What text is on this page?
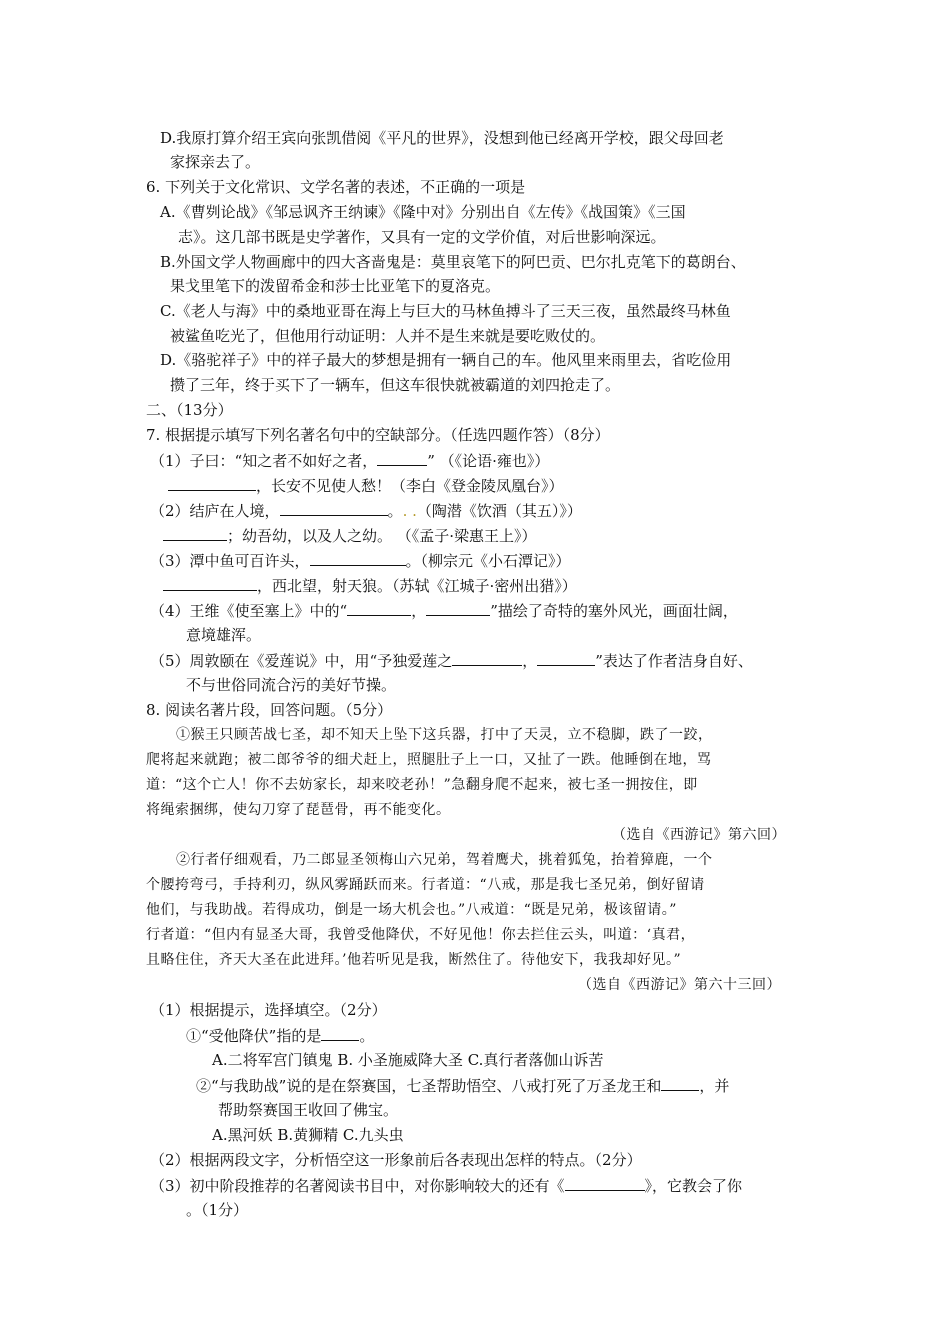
D.我原打算介绍王宾向张凯借阅《平凡的世界》，没想到他已经离开学校，跟父母回老
家探亲去了。
6. 下列关于文化常识、文学名著的表述，不正确的一项是
A.《曹刿论战》《邹忌讽齐王纳谏》《隆中对》分别出自《左传》《战国策》《三国
志》。这几部书既是史学著作，又具有一定的文学价值，对后世影响深远。
B.外国文学人物画廊中的四大吝啬鬼是：莫里哀笔下的阿巴贡、巴尔扎克笔下的葛朗台、
果戈里笔下的泼留希金和莎士比亚笔下的夏洛克。
C.《老人与海》中的桑地亚哥在海上与巨大的马林鱼搏斗了三天三夜，虽然最终马林鱼
被鲨鱼吃光了，但他用行动证明：人并不是生来就是要吃败仗的。
D.《骆驼祥子》中的祥子最大的梦想是拥有一辆自己的车。他风里来雨里去，省吃俭用
攒了三年，终于买下了一辆车，但这车很快就被霸道的刘四抢走了。
二、（13分）
7. 根据提示填写下列名著名句中的空缺部分。（任选四题作答）（8分）
（1）子曰：“知之者不如好之者，	” （《论语·雍也》）
，长安不见使人愁！（李白《登金陵凤凰台》）
（2）结庐在人境，	。. .（陶潜《饮酒（其五）》）
；幼吾幼，以及人之幼。 （《孟子·梁惠王上》）
（3）潭中鱼可百许头，	。（柳宗元《小石潭记》）
，西北望，射天狼。（苏轼《江城子·密州出猎》）
（4）王维《使至塞上》中的“	，	”描绘了奇特的塞外风光，画面壮阔，
意境雄浑。
（5）周敦颐在《爱莲说》中，用“予独爱莲之	，	”表达了作者洁身自好、
不与世俗同流合污的美好节操。
8. 阅读名著片段，回答问题。（5分）
①猴王只顾苦战七圣，却不知天上坠下这兵器，打中了天灵，立不稳脚，跌了一跤，
爬将起来就跑；被二郎爷爷的细犬赶上，照腿肚子上一口，又扯了一跌。他睡倒在地，骂
道：“这个亡人！你不去妨家长，却来咬老孙！”急翻身爬不起来，被七圣一拥按住，即
将绳索捆绑，使勾刀穿了琵琶骨，再不能变化。
（选自《西游记》第六回）
②行者仔细观看，乃二郎显圣领梅山六兄弟，驾着鹰犬，挑着狐兔，抬着獐鹿，一个
个腰挎弯弓，手持利刃，纵风雾踊跃而来。行者道：“八戒，那是我七圣兄弟，倒好留请
他们，与我助战。若得成功，倒是一场大机会也。”八戒道：“既是兄弟，极该留请。”
行者道：“但内有显圣大哥，我曾受他降伏，不好见他！你去拦住云头，叫道：‘真君，
且略住住，齐天大圣在此进拜。’他若听见是我，断然住了。待他安下，我我却好见。”
（选自《西游记》第六十三回）
（1）根据提示，选择填空。（2分）
①“受他降伏”指的是	。
A.二将军宫门镇鬼 B. 小圣施威降大圣 C.真行者落伽山诉苦
②“与我助战”说的是在祭赛国，七圣帮助悟空、八戒打死了万圣龙王和	，并
帮助祭赛国王收回了佛宝。
A.黑河妖 B.黄狮精 C.九头虫
（2）根据两段文字，分析悟空这一形象前后各表现出怎样的特点。（2分）
（3）初中阶段推荐的名著阅读书目中，对你影响较大的还有《	》，它教会了你
。（1分）
